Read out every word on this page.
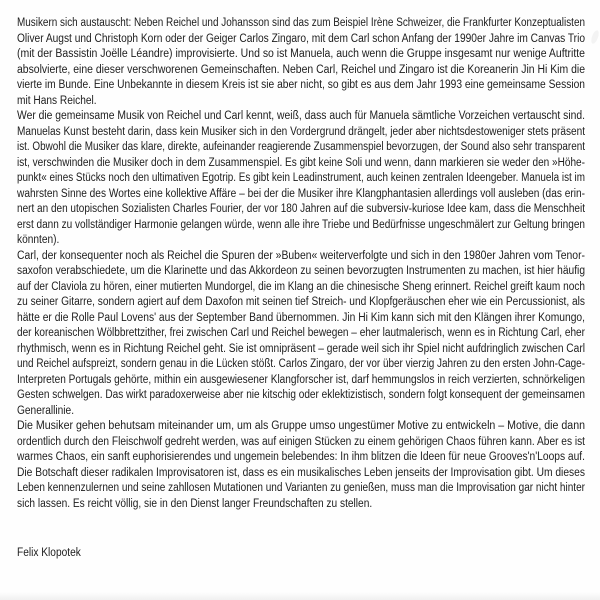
Musikern sich austauscht: Neben Reichel und Johansson sind das zum Beispiel Irène Schweizer, die Frankfurter Konzeptualisten
Oliver Augst und Christoph Korn oder der Geiger Carlos Zingaro, mit dem Carl schon Anfang der 1990er Jahre im Canvas Trio
(mit der Bassistin Joëlle Léandre) improvisierte. Und so ist Manuela, auch wenn die Gruppe insgesamt nur wenige Auftritte
absolvierte, eine dieser verschworenen Gemeinschaften. Neben Carl, Reichel und Zingaro ist die Koreanerin Jin Hi Kim die
vierte im Bunde. Eine Unbekannte in diesem Kreis ist sie aber nicht, so gibt es aus dem Jahr 1993 eine gemeinsame Session
mit Hans Reichel.
Wer die gemeinsame Musik von Reichel und Carl kennt, weiß, dass auch für Manuela sämtliche Vorzeichen vertauscht sind.
Manuelas Kunst besteht darin, dass kein Musiker sich in den Vordergrund drängelt, jeder aber nichtsdestoweniger stets präsent
ist. Obwohl die Musiker das klare, direkte, aufeinander reagierende Zusammenspiel bevorzugen, der Sound also sehr transparent
ist, verschwinden die Musiker doch in dem Zusammenspiel. Es gibt keine Soli und wenn, dann markieren sie weder den »Höhe-
punkt« eines Stücks noch den ultimativen Egotrip. Es gibt kein Leadinstrument, auch keinen zentralen Ideengeber. Manuela ist im
wahrsten Sinne des Wortes eine kollektive Affäre – bei der die Musiker ihre Klangphantasien allerdings voll ausleben (das erin-
nert an den utopischen Sozialisten Charles Fourier, der vor 180 Jahren auf die subversiv-kuriose Idee kam, dass die Menschheit
erst dann zu vollständiger Harmonie gelangen würde, wenn alle ihre Triebe und Bedürfnisse ungeschmälert zur Geltung bringen
könnten).
Carl, der konsequenter noch als Reichel die Spuren der »Buben« weiterverfolgte und sich in den 1980er Jahren vom Tenor-
saxofon verabschiedete, um die Klarinette und das Akkordeon zu seinen bevorzugten Instrumenten zu machen, ist hier häufig
auf der Claviola zu hören, einer mutierten Mundorgel, die im Klang an die chinesische Sheng erinnert. Reichel greift kaum noch
zu seiner Gitarre, sondern agiert auf dem Daxofon mit seinen tief Streich- und Klopfgeräuschen eher wie ein Percussionist, als
hätte er die Rolle Paul Lovens' aus der September Band übernommen. Jin Hi Kim kann sich mit den Klängen ihrer Komungo,
der koreanischen Wölbbrettzither, frei zwischen Carl und Reichel bewegen – eher lautmalerisch, wenn es in Richtung Carl, eher
rhythmisch, wenn es in Richtung Reichel geht. Sie ist omnipräsent – gerade weil sich ihr Spiel nicht aufdringlich zwischen Carl
und Reichel aufspreizt, sondern genau in die Lücken stößt. Carlos Zingaro, der vor über vierzig Jahren zu den ersten John-Cage-
Interpreten Portugals gehörte, mithin ein ausgewiesener Klangforscher ist, darf hemmungslos in reich verzierten, schnörkeligen
Gesten schwelgen. Das wirkt paradoxerweise aber nie kitschig oder eklektizistisch, sondern folgt konsequent der gemeinsamen
Generallinie.
Die Musiker gehen behutsam miteinander um, um als Gruppe umso ungestümer Motive zu entwickeln – Motive, die dann
ordentlich durch den Fleischwolf gedreht werden, was auf einigen Stücken zu einem gehörigen Chaos führen kann. Aber es ist
warmes Chaos, ein sanft euphorisierendes und ungemein belebendes: In ihm blitzen die Ideen für neue Grooves'n'Loops auf.
Die Botschaft dieser radikalen Improvisatoren ist, dass es ein musikalisches Leben jenseits der Improvisation gibt. Um dieses
Leben kennenzulernen und seine zahllosen Mutationen und Varianten zu genießen, muss man die Improvisation gar nicht hinter
sich lassen. Es reicht völlig, sie in den Dienst langer Freundschaften zu stellen.
Felix Klopotek
